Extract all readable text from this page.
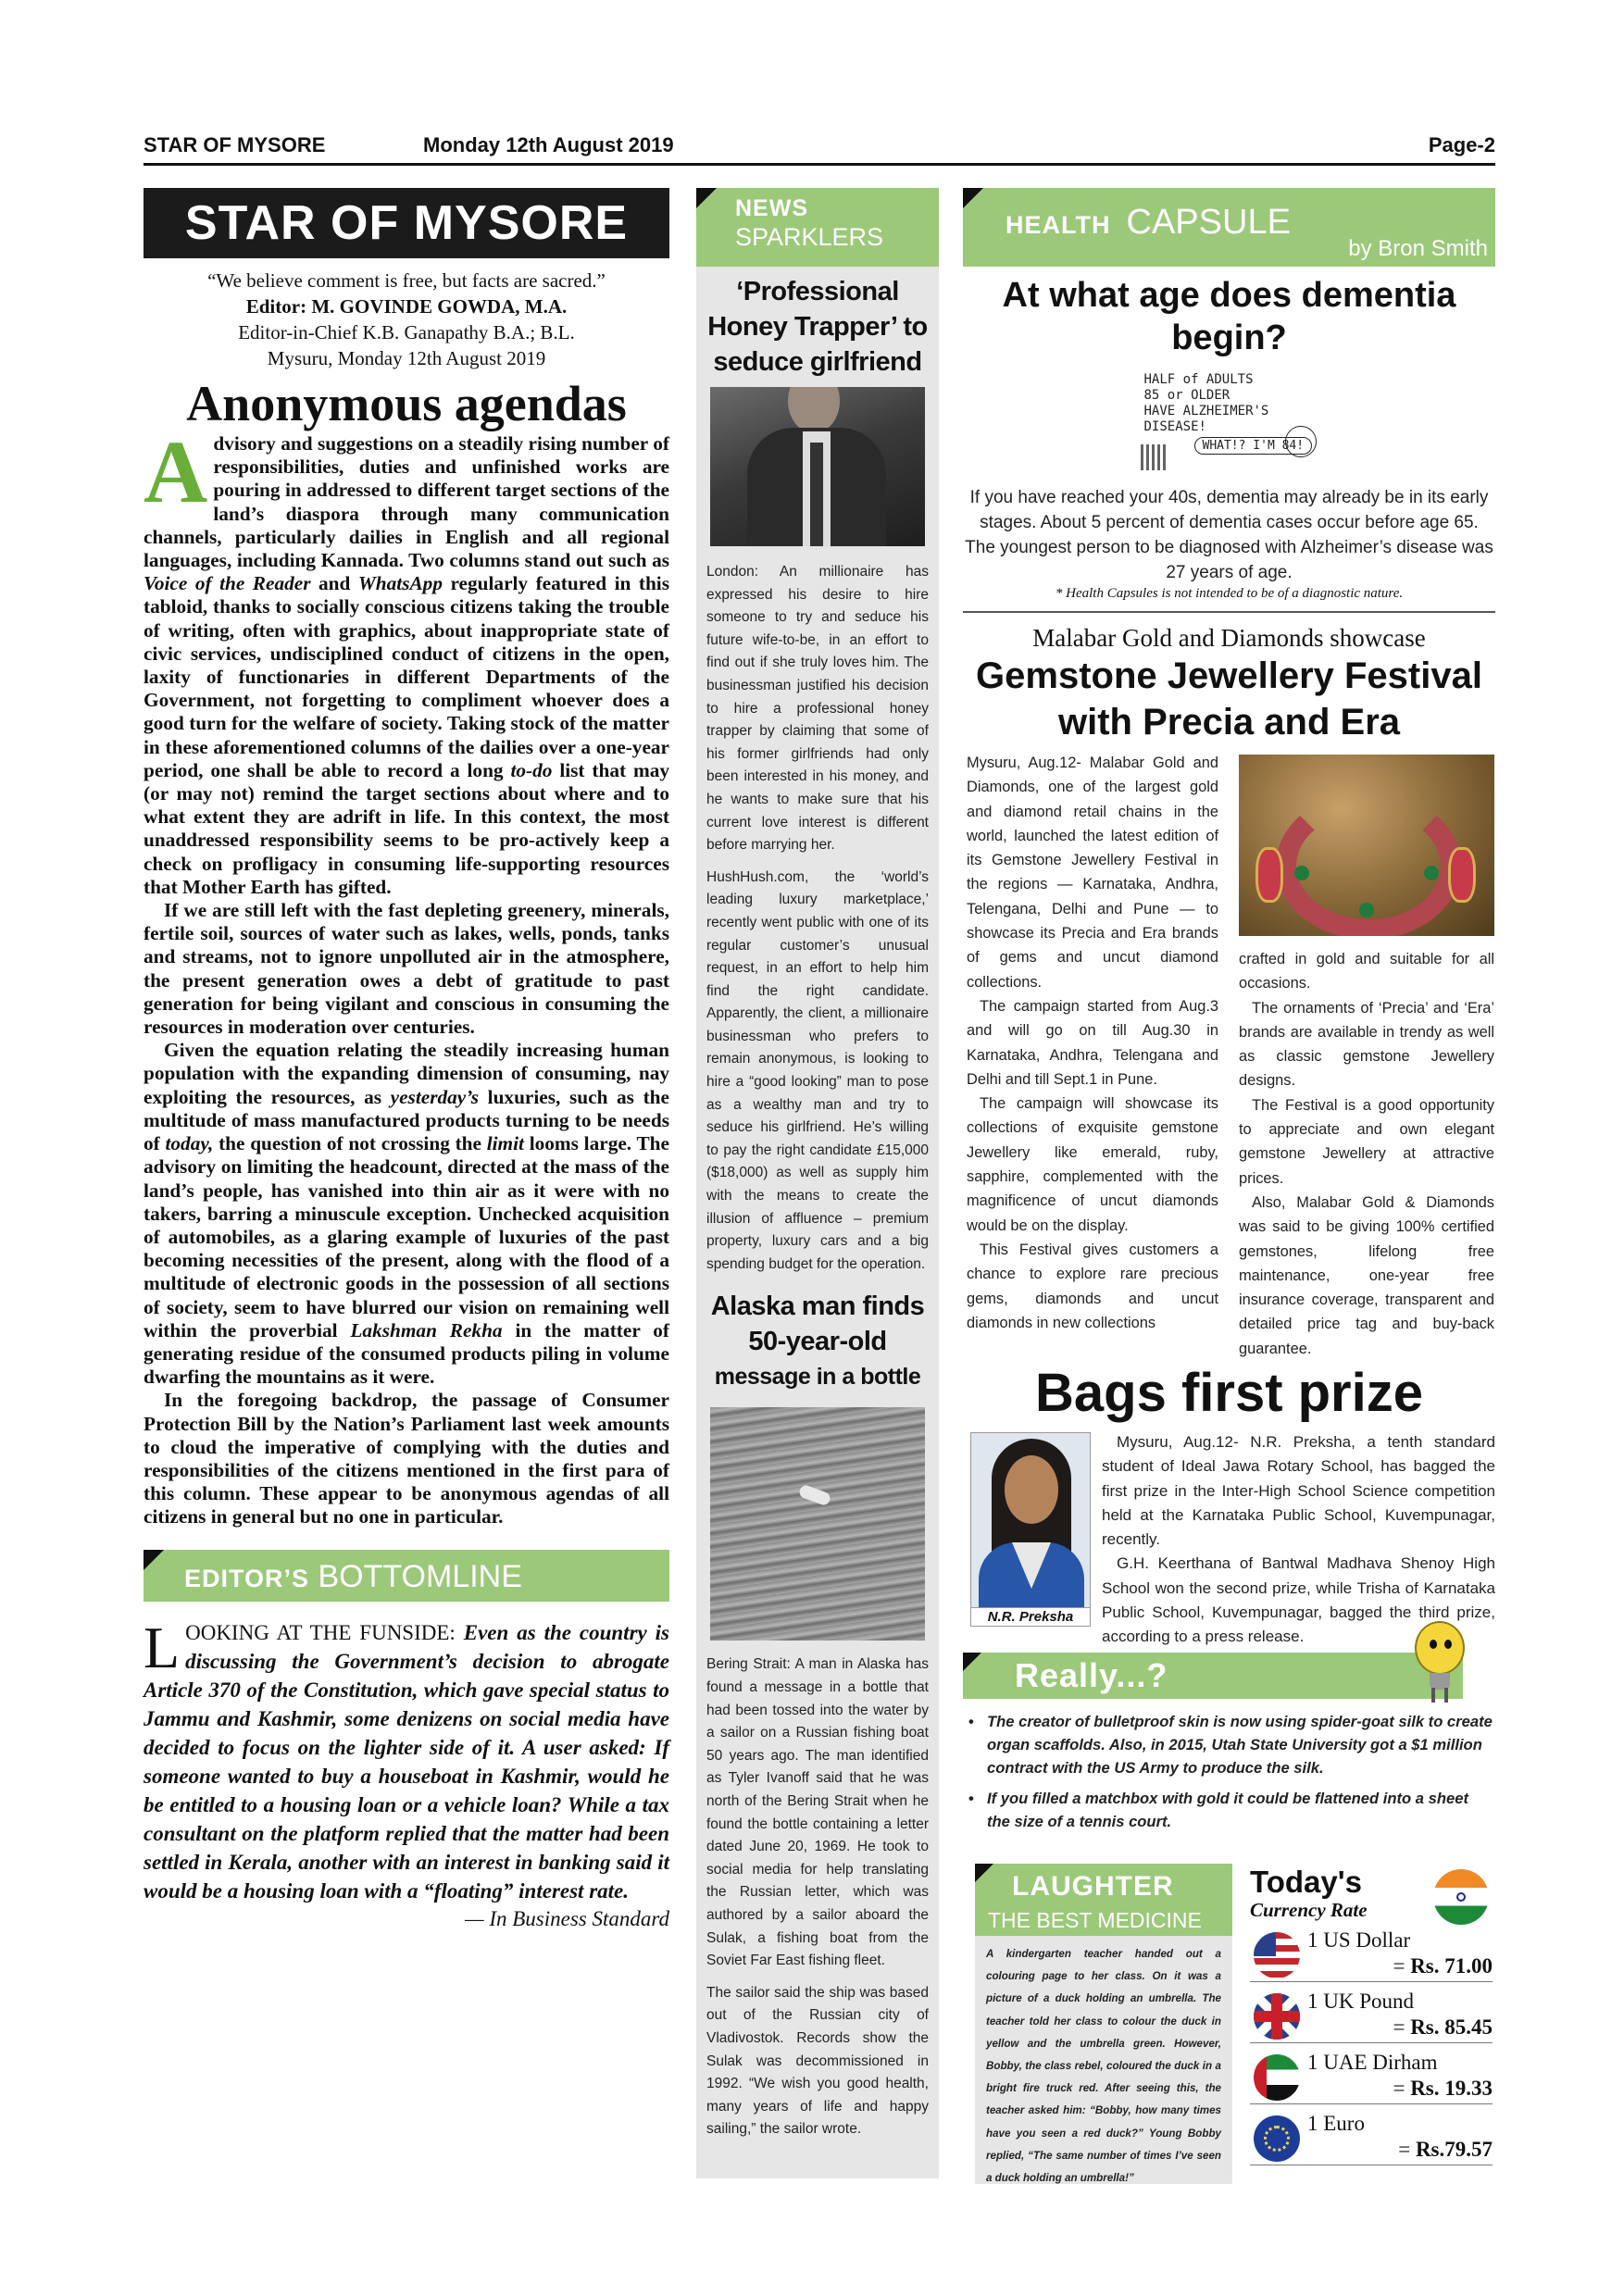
STAR OF MYSORE	Monday 12th August 2019	Page-2
STAR OF MYSORE
“We believe comment is free, but facts are sacred.”
Editor: M. GOVINDE GOWDA, M.A.
Editor-in-Chief K.B. Ganapathy B.A.; B.L.
Mysuru, Monday 12th August 2019
Anonymous agendas

Advisory and suggestions on a steadily rising number of responsibilities, duties and unfinished works are pouring in addressed to different target sections of the land’s diaspora through many communication channels, particularly dailies in English and all regional languages, including Kannada. Two columns stand out such as Voice of the Reader and WhatsApp regularly featured in this tabloid, thanks to socially conscious citizens taking the trouble of writing, often with graphics, about inappropriate state of civic services, undisciplined conduct of citizens in the open, laxity of functionaries in different Departments of the Government, not forgetting to compliment whoever does a good turn for the welfare of society. Taking stock of the matter in these aforementioned columns of the dailies over a one-year period, one shall be able to record a long to-do list that may (or may not) remind the target sections about where and to what extent they are adrift in life. In this context, the most unaddressed responsibility seems to be pro-actively keep a check on profligacy in consuming life-supporting resources that Mother Earth has gifted.

If we are still left with the fast depleting greenery, minerals, fertile soil, sources of water such as lakes, wells, ponds, tanks and streams, not to ignore unpolluted air in the atmosphere, the present generation owes a debt of gratitude to past generation for being vigilant and conscious in consuming the resources in moderation over centuries.

Given the equation relating the steadily increasing human population with the expanding dimension of consuming, nay exploiting the resources, as yesterday’s luxuries, such as the multitude of mass manufactured products turning to be needs of today, the question of not crossing the limit looms large. The advisory on limiting the headcount, directed at the mass of the land’s people, has vanished into thin air as it were with no takers, barring a minuscule exception. Unchecked acquisition of automobiles, as a glaring example of luxuries of the past becoming necessities of the present, along with the flood of a multitude of electronic goods in the possession of all sections of society, seem to have blurred our vision on remaining well within the proverbial Lakshman Rekha in the matter of generating residue of the consumed products piling in volume dwarfing the mountains as it were.

In the foregoing backdrop, the passage of Consumer Protection Bill by the Nation’s Parliament last week amounts to cloud the imperative of complying with the duties and responsibilities of the citizens mentioned in the first para of this column. These appear to be anonymous agendas of all citizens in general but no one in particular.

EDITOR’S BOTTOMLINE
LOOKING AT THE FUNSIDE: Even as the country is discussing the Government’s decision to abrogate Article 370 of the Constitution, which gave special status to Jammu and Kashmir, some denizens on social media have decided to focus on the lighter side of it. A user asked: If someone wanted to buy a houseboat in Kashmir, would he be entitled to a housing loan or a vehicle loan? While a tax consultant on the platform replied that the matter had been settled in Kerala, another with an interest in banking said it would be a housing loan with a “floating” interest rate.
— In Business Standard
NEWS
SPARKLERS
‘Professional Honey Trapper’ to seduce girlfriend

London: An millionaire has expressed his desire to hire someone to try and seduce his future wife-to-be, in an effort to find out if she truly loves him. The businessman justified his decision to hire a professional honey trapper by claiming that some of his former girlfriends had only been interested in his money, and he wants to make sure that his current love interest is different before marrying her.

HushHush.com, the ‘world’s leading luxury marketplace,’ recently went public with one of its regular customer’s unusual request, in an effort to help him find the right candidate. Apparently, the client, a millionaire businessman who prefers to remain anonymous, is looking to hire a “good looking” man to pose as a wealthy man and try to seduce his girlfriend. He’s willing to pay the right candidate £15,000 ($18,000) as well as supply him with the means to create the illusion of affluence – premium property, luxury cars and a big spending budget for the operation.

Alaska man finds 50-year-old
message in a bottle

Bering Strait: A man in Alaska has found a message in a bottle that had been tossed into the water by a sailor on a Russian fishing boat 50 years ago. The man identified as Tyler Ivanoff said that he was north of the Bering Strait when he found the bottle containing a letter dated June 20, 1969. He took to social media for help translating the Russian letter, which was authored by a sailor aboard the Sulak, a fishing boat from the Soviet Far East fishing fleet.

The sailor said the ship was based out of the Russian city of Vladivostok. Records show the Sulak was decommissioned in 1992. “We wish you good health, many years of life and happy sailing,” the sailor wrote.

HEALTH CAPSULE
by Bron Smith
At what age does dementia begin?
HALF of ADULTS
85 or OLDER
HAVE ALZHEIMER'S
DISEASE!
WHAT!? I'M 84!
If you have reached your 40s, dementia may already be in its early stages. About 5 percent of dementia cases occur before age 65. The youngest person to be diagnosed with Alzheimer’s disease was 27 years of age.
* Health Capsules is not intended to be of a diagnostic nature.
Malabar Gold and Diamonds showcase
Gemstone Jewellery Festival with Precia and Era

Mysuru, Aug.12- Malabar Gold and Diamonds, one of the largest gold and diamond retail chains in the world, launched the latest edition of its Gemstone Jewellery Festival in the regions — Karnataka, Andhra, Telengana, Delhi and Pune — to showcase its Precia and Era brands of gems and uncut diamond collections.

The campaign started from Aug.3 and will go on till Aug.30 in Karnataka, Andhra, Telengana and Delhi and till Sept.1 in Pune.

The campaign will showcase its collections of exquisite gemstone Jewellery like emerald, ruby, sapphire, complemented with the magnificence of uncut diamonds would be on the display.

This Festival gives customers a chance to explore rare precious gems, diamonds and uncut diamonds in new collections

crafted in gold and suitable for all occasions.

The ornaments of ‘Precia’ and ‘Era’ brands are available in trendy as well as classic gemstone Jewellery designs.

The Festival is a good opportunity to appreciate and own elegant gemstone Jewellery at attractive prices.

Also, Malabar Gold & Diamonds was said to be giving 100% certified gemstones, lifelong free maintenance, one-year free insurance coverage, transparent and detailed price tag and buy-back guarantee.

Bags first prize
N.R. Preksha

Mysuru, Aug.12- N.R. Preksha, a tenth standard student of Ideal Jawa Rotary School, has bagged the first prize in the Inter-High School Science competition held at the Karnataka Public School, Kuvempunagar, recently.

G.H. Keerthana of Bantwal Madhava Shenoy High School won the second prize, while Trisha of Karnataka Public School, Kuvempunagar, bagged the third prize, according to a press release.

Really...?
• The creator of bulletproof skin is now using spider-goat silk to create organ scaffolds. Also, in 2015, Utah State University got a $1 million contract with the US Army to produce the silk.
• If you filled a matchbox with gold it could be flattened into a sheet the size of a tennis court.
LAUGHTER
THE BEST MEDICINE
A kindergarten teacher handed out a colouring page to her class. On it was a picture of a duck holding an umbrella. The teacher told her class to colour the duck in yellow and the umbrella green. However, Bobby, the class rebel, coloured the duck in a bright fire truck red. After seeing this, the teacher asked him: “Bobby, how many times have you seen a red duck?” Young Bobby replied, “The same number of times I’ve seen a duck holding an umbrella!”
Today's
Currency Rate
1 US Dollar
= Rs. 71.00
1 UK Pound
= Rs. 85.45
1 UAE Dirham
= Rs. 19.33
1 Euro
= Rs.79.57
